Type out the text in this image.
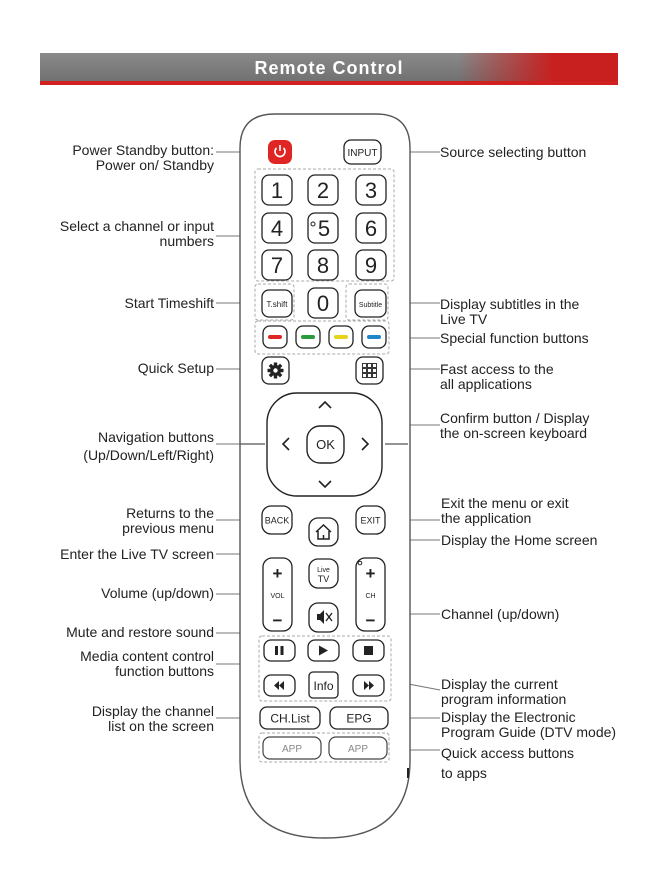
Remote Control
Power Standby button:
Power on/ Standby
Select a channel or input
numbers
Start Timeshift
Quick Setup
Navigation buttons
(Up/Down/Left/Right)
Returns to the
previous menu
Enter the Live TV screen
Volume (up/down)
Mute and restore sound
Media content control
function buttons
Display the channel
list on the screen
Source selecting button
Display subtitles in the
Live TV
Special function buttons
Fast access to the
all applications
Confirm button / Display
the on-screen keyboard
Exit the menu or exit
the application
Display the Home screen
Channel (up/down)
Display the current
program information
Display the Electronic
Program Guide (DTV mode)
Quick access buttons
to apps
INPUT
1 2 3
4 5 6
7 8 9
0
T.shift	Subtitle
OK
BACK	EXIT
+
VOL
−
Live
TV +
CH
−
Info
CH.List	EPG
APP	APP
